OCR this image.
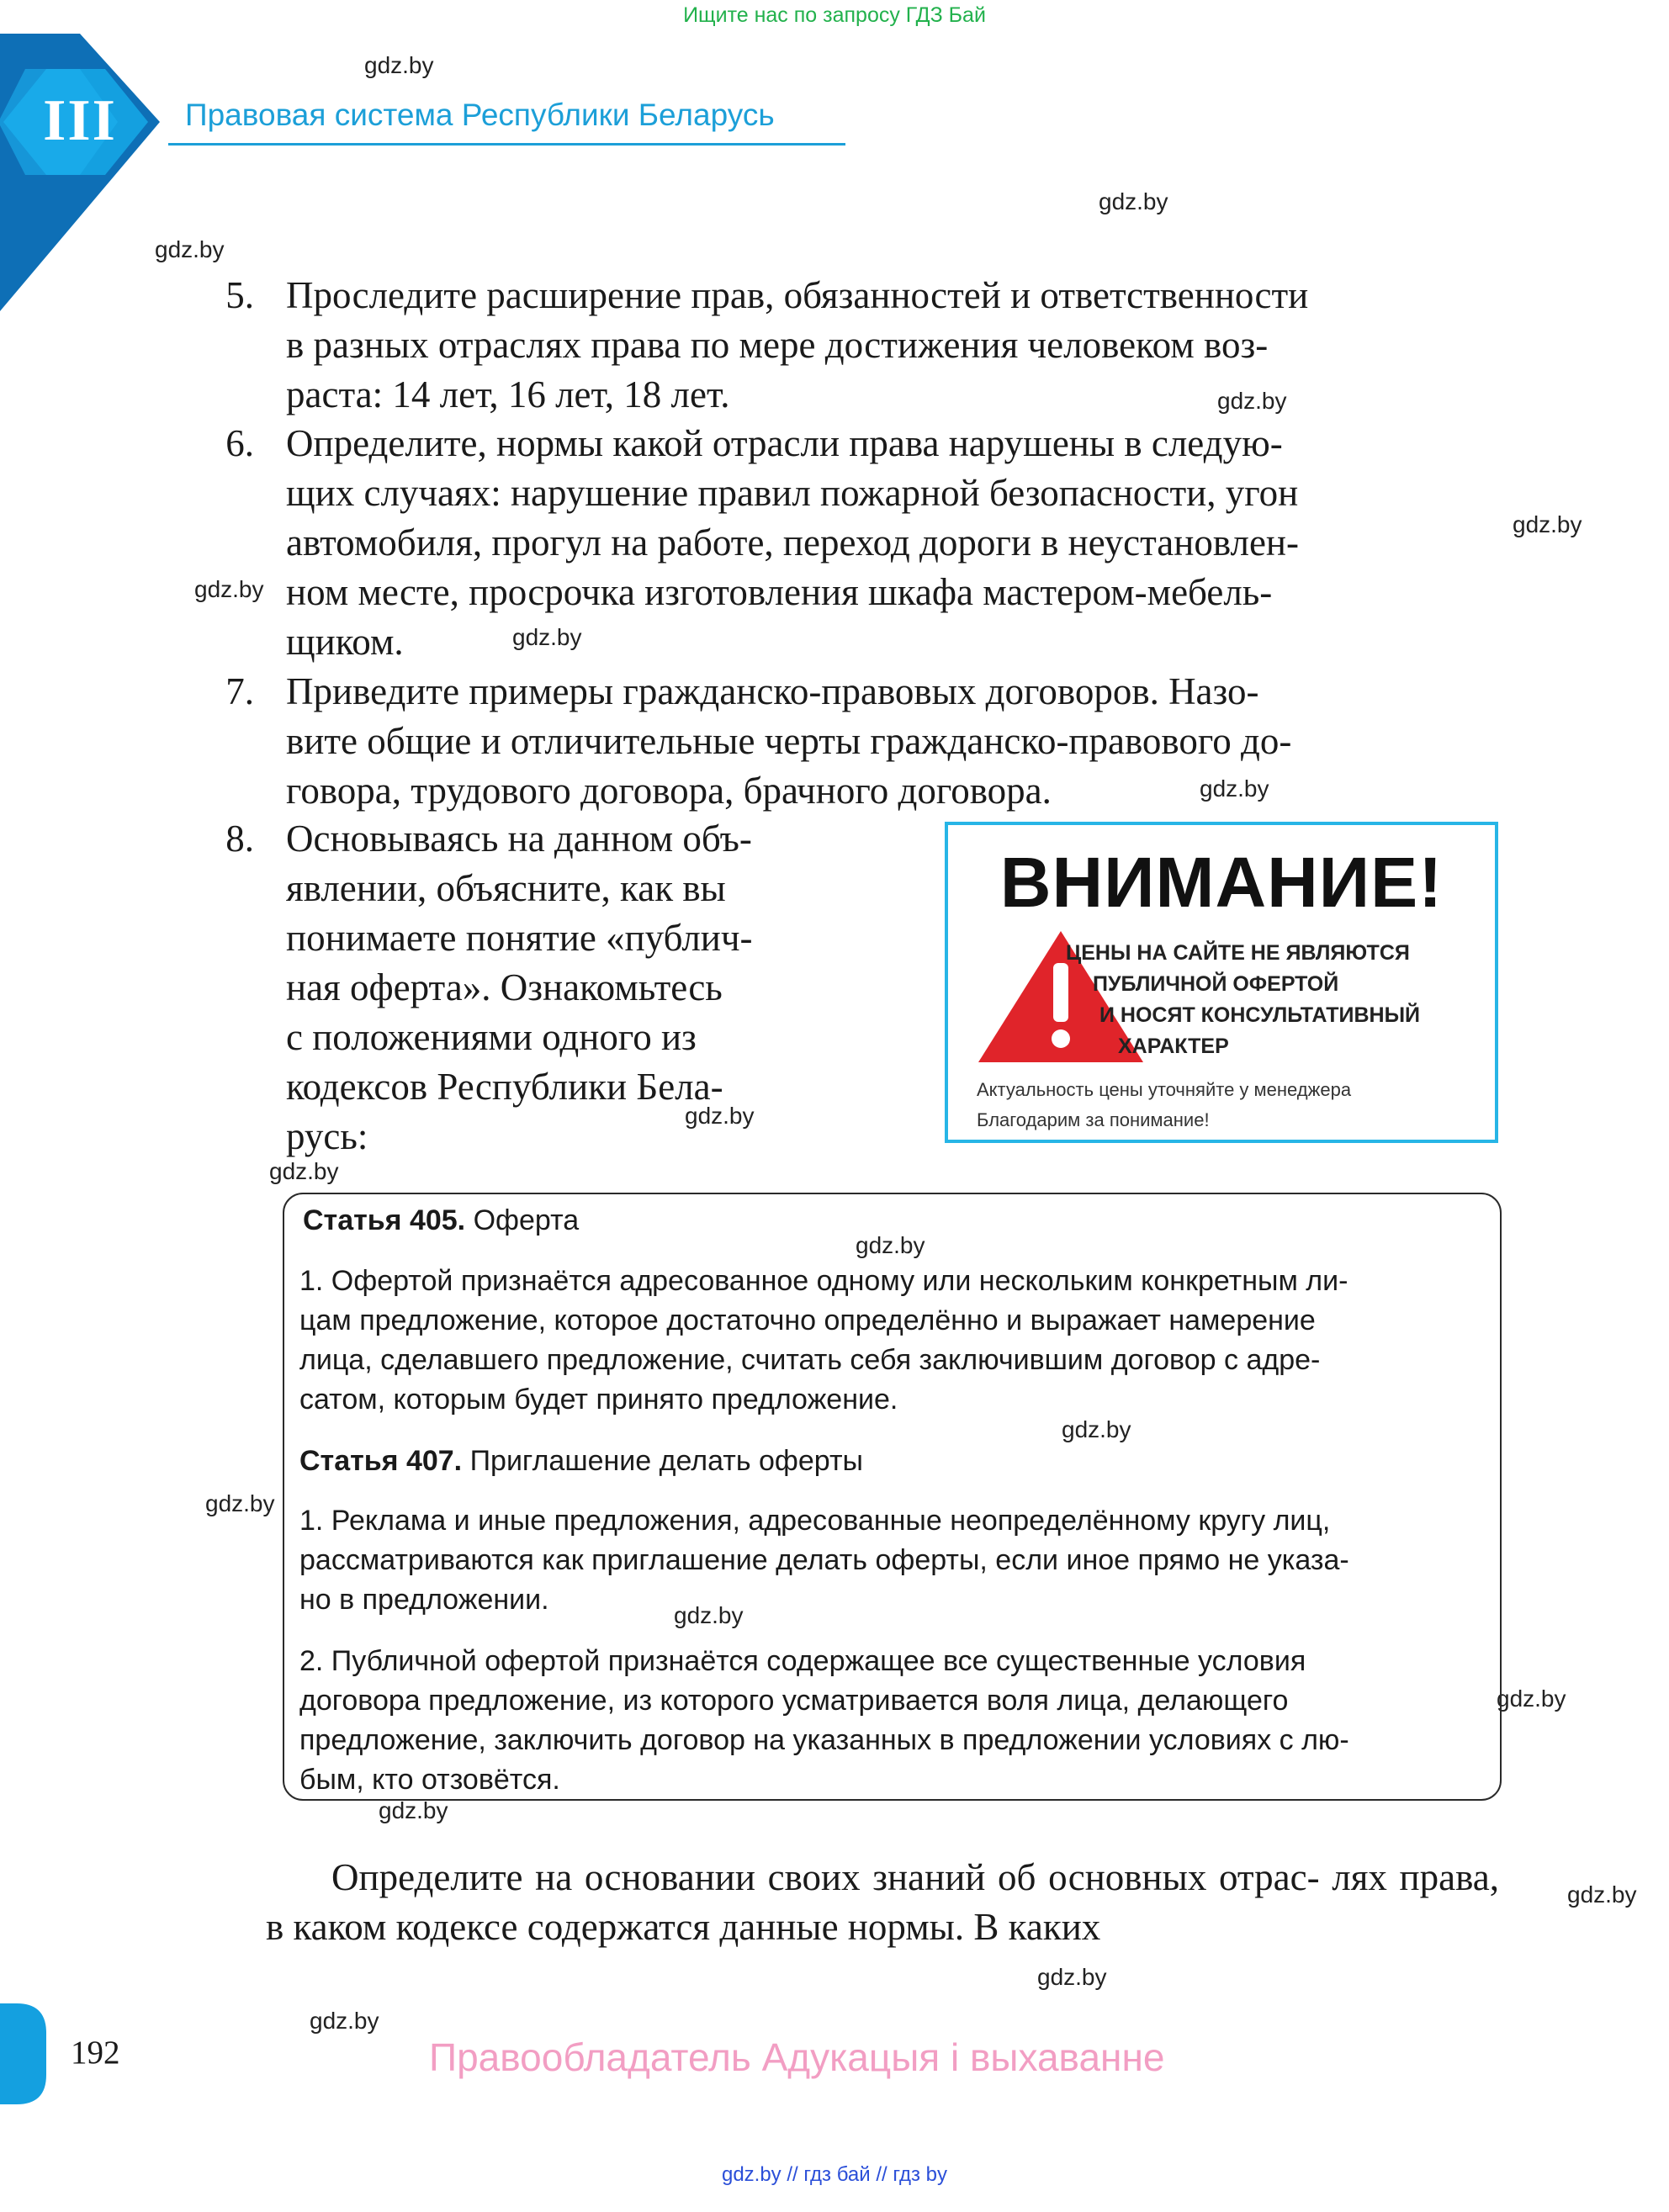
Ищите нас по запросу ГДЗ Бай
III	Правовая система Республики Беларусь
gdz.by
gdz.by
gdz.by
gdz.by
gdz.by
gdz.by
gdz.by
gdz.by
gdz.by
gdz.by
gdz.by
gdz.by
gdz.by
gdz.by
gdz.by
gdz.by
gdz.by
gdz.by
gdz.by
5. Проследите расширение прав, обязанностей и ответственности
в разных отраслях права по мере достижения человеком воз-
раста: 14 лет, 16 лет, 18 лет.
6. Определите, нормы какой отрасли права нарушены в следую-
щих случаях: нарушение правил пожарной безопасности, угон
автомобиля, прогул на работе, переход дороги в неустановлен-
ном месте, просрочка изготовления шкафа мастером-мебель-
щиком.
7. Приведите примеры гражданско-правовых договоров. Назо-
вите общие и отличительные черты гражданско-правового до-
говора, трудового договора, брачного договора.
8. Основываясь на данном объ-
явлении, объясните, как вы
понимаете понятие «публич-
ная оферта». Ознакомьтесь
с положениями одного из
кодексов Республики Бела-
русь:
ВНИМАНИЕ!
ЦЕНЫ НА САЙТЕ НЕ ЯВЛЯЮТСЯ
ПУБЛИЧНОЙ ОФЕРТОЙ
И НОСЯТ КОНСУЛЬТАТИВНЫЙ
ХАРАКТЕР
Актуальность цены уточняйте у менеджера
Благодарим за понимание!
Статья 405. Оферта
1. Офертой признаётся адресованное одному или нескольким конкретным ли-
цам предложение, которое достаточно определённо и выражает намерение
лица, сделавшего предложение, считать себя заключившим договор с адре-
сатом, которым будет принято предложение.
Статья 407. Приглашение делать оферты
1. Реклама и иные предложения, адресованные неопределённому кругу лиц,
рассматриваются как приглашение делать оферты, если иное прямо не указа-
но в предложении.
2. Публичной офертой признаётся содержащее все существенные условия
договора предложение, из которого усматривается воля лица, делающего
предложение, заключить договор на указанных в предложении условиях с лю-
бым, кто отзовётся.
Определите на основании своих знаний об основных отрас- лях права, в каком кодексе содержатся данные нормы. В каких
192	Правообладатель Адукацыя і выхаванне
gdz.by // гдз бай // гдз by
